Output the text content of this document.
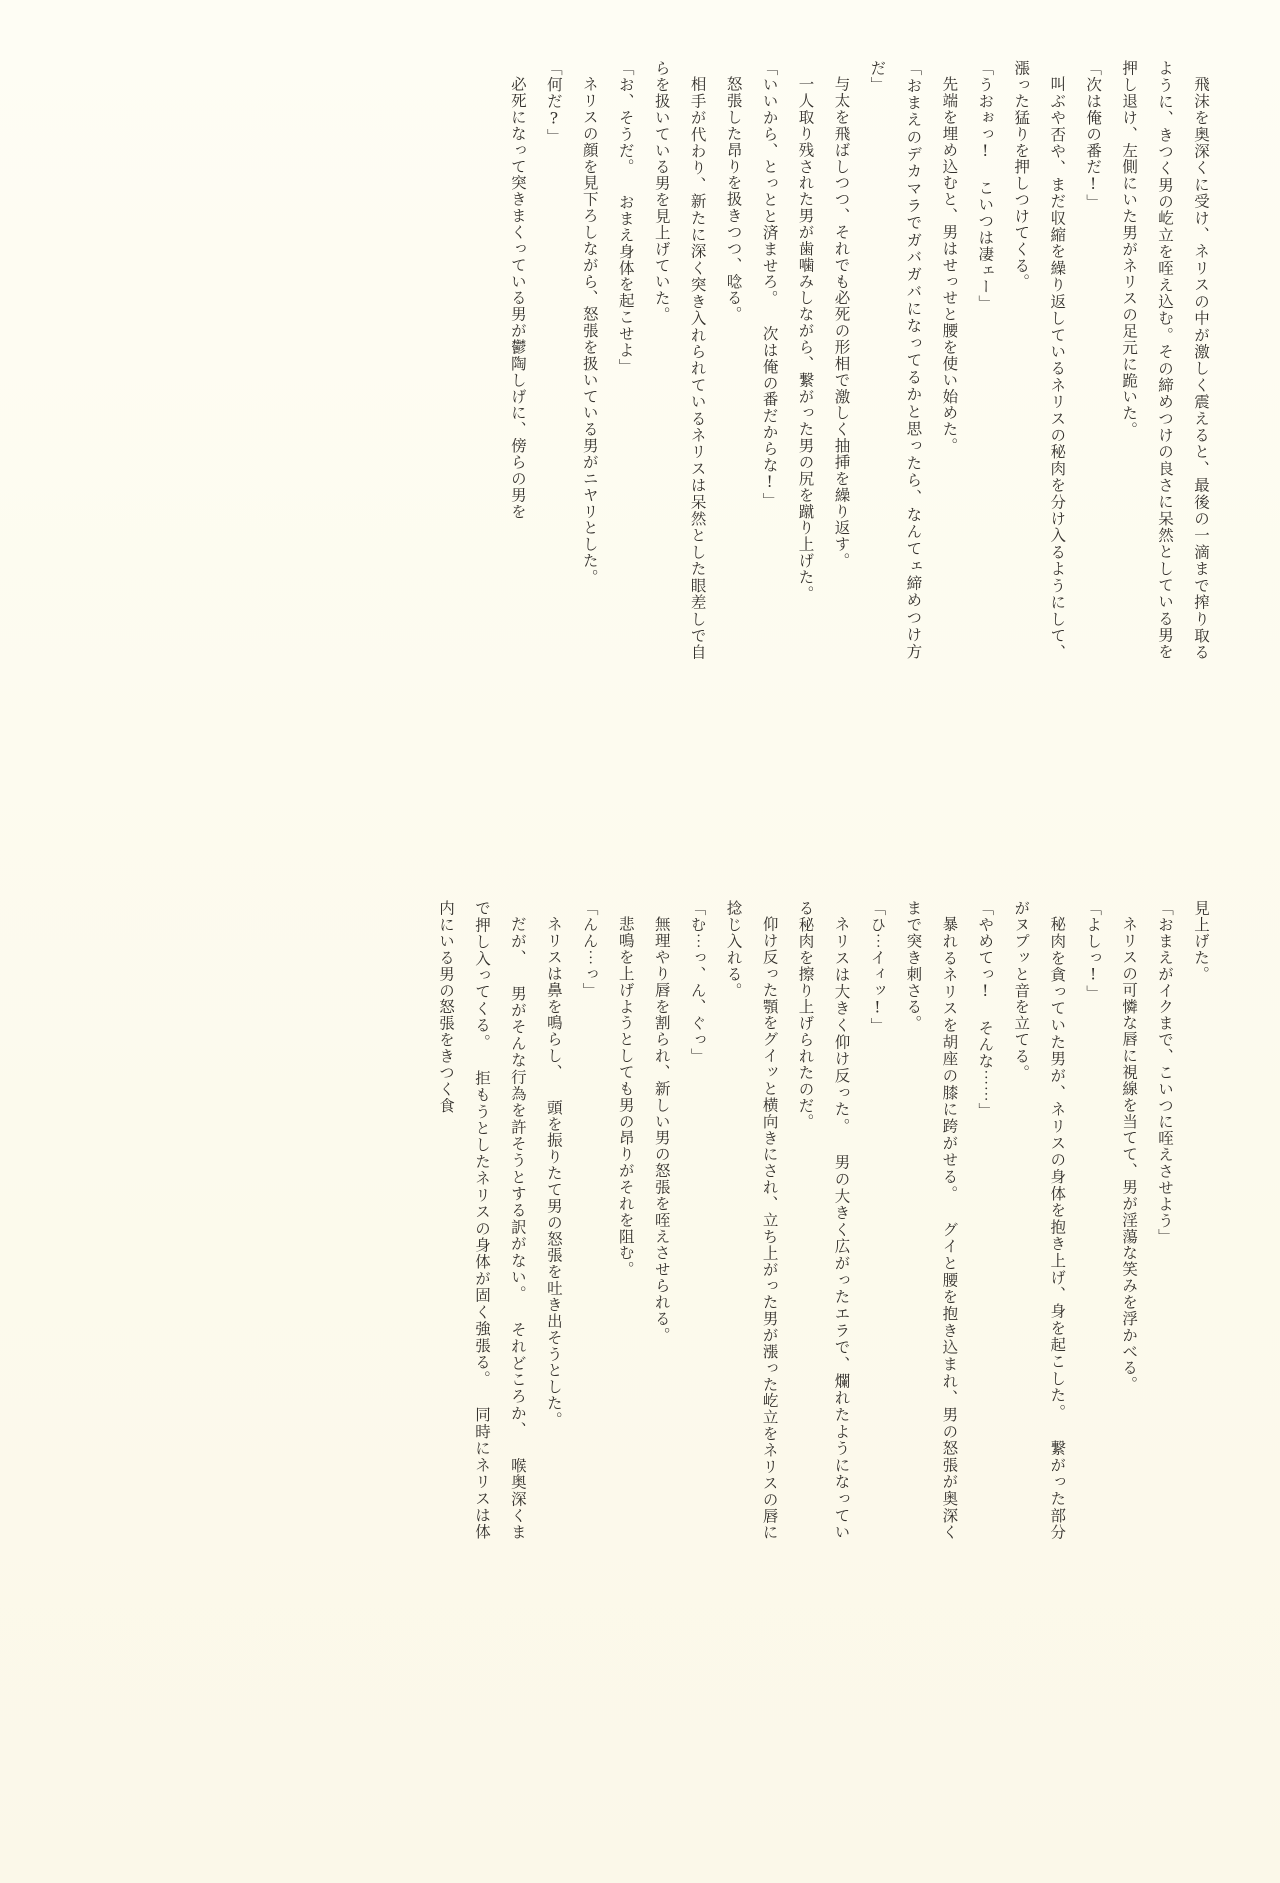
飛沫を奥深くに受け、ネリスの中が激しく震えると、最後の一滴まで搾り取るように、きつく男の屹立を咥え込む。その締めつけの良さに呆然としている男を押し退け、左側にいた男がネリスの足元に跪いた。

「次は俺の番だ!」

叫ぶや否や、まだ収縮を繰り返しているネリスの秘肉を分け入るようにして、漲った猛りを押しつけてくる。

「うおぉっ! こいつは凄ェー」

先端を埋め込むと、男はせっせと腰を使い始めた。

「おまえのデカマラでガバガバになってるかと思ったら、なんてェ締めつけ方だ」

与太を飛ばしつつ、それでも必死の形相で激しく抽挿を繰り返す。

一人取り残された男が歯噛みしながら、繋がった男の尻を蹴り上げた。

「いいから、とっとと済ませろ。 次は俺の番だからな!」

怒張した昂りを扱きつつ、唸る。

相手が代わり、新たに深く突き入れられているネリスは呆然とした眼差しで自らを扱いている男を見上げていた。

「お、そうだ。 おまえ身体を起こせよ」

ネリスの顔を見下ろしながら、怒張を扱いている男がニヤリとした。

「何だ?」

必死になって突きまくっている男が鬱陶しげに、傍らの男を

見上げた。

「おまえがイクまで、こいつに咥えさせよう」

ネリスの可憐な唇に視線を当てて、男が淫蕩な笑みを浮かべる。

「よしっ!」

秘肉を貪っていた男が、ネリスの身体を抱き上げ、身を起こした。 繋がった部分がヌプッと音を立てる。

「やめてっ! そんな⋯⋯」

暴れるネリスを胡座の膝に跨がせる。 グイと腰を抱き込まれ、男の怒張が奥深くまで突き刺さる。

「ひ⋯イィッ!」

ネリスは大きく仰け反った。 男の大きく広がったエラで、爛れたようになっている秘肉を擦り上げられたのだ。

仰け反った顎をグイッと横向きにされ、立ち上がった男が漲った屹立をネリスの唇に捻じ入れる。

「む⋯っ、ん、ぐっ」

無理やり唇を割られ、新しい男の怒張を咥えさせられる。

悲鳴を上げようとしても男の昂りがそれを阻む。

「んん⋯っ」

ネリスは鼻を鳴らし、 頭を振りたて男の怒張を吐き出そうとした。

だが、 男がそんな行為を許そうとする訳がない。 それどころか、 喉奥深くまで押し入ってくる。 拒もうとしたネリスの身体が固く強張る。 同時にネリスは体内にいる男の怒張をきつく食
